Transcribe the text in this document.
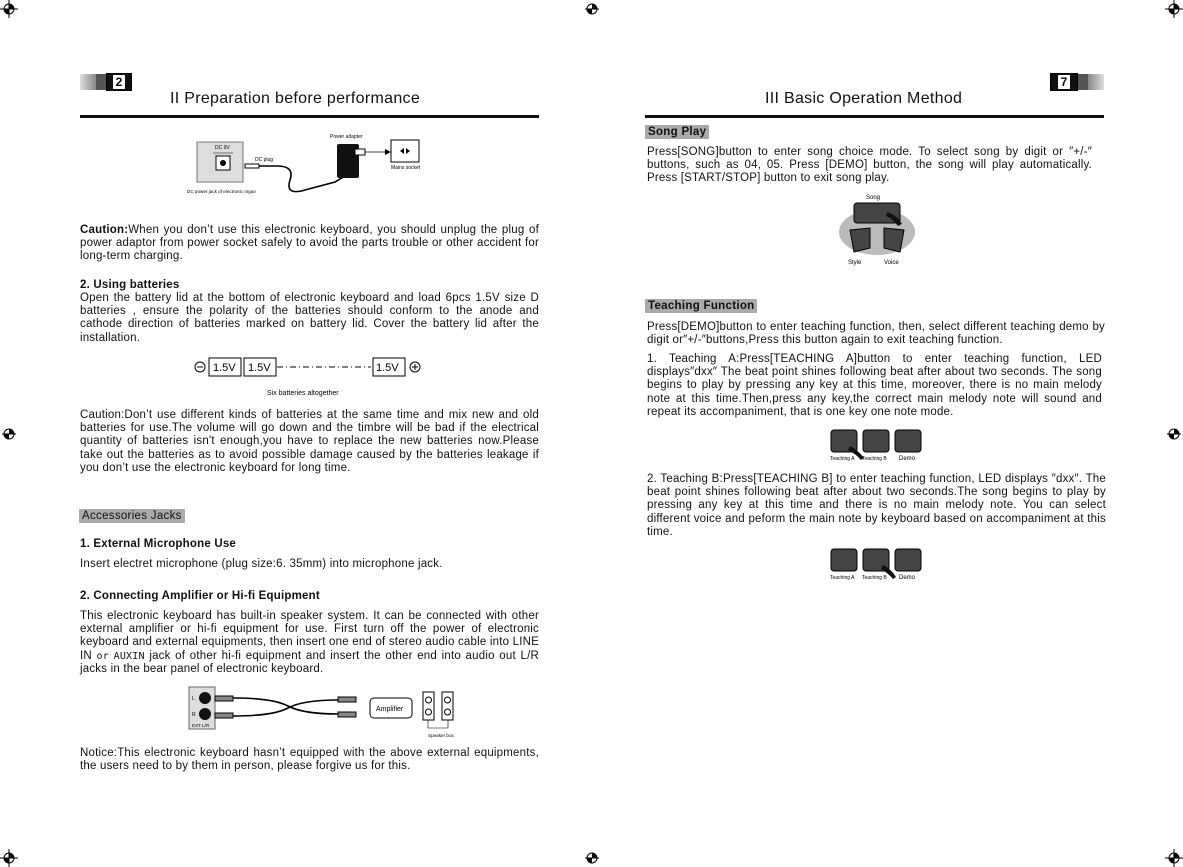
2
II Preparation before performance
DC 9V
DC plug
Power adapter
Mains socket
DC power jack of electronic organ
Caution:When you don’t use this electronic keyboard, you should unplug the plug of power adaptor from power socket safely to avoid the parts trouble or other accident for long-term charging.
2. Using batteries
Open the battery lid at the bottom of electronic keyboard and load 6pcs 1.5V size D batteries , ensure the polarity of the batteries should conform to the anode and cathode direction of batteries marked on battery lid. Cover the battery lid after the installation.
1.5V 1.5V	1.5V
Six batteries altogether
Caution:Don’t use different kinds of batteries at the same time and mix new and old batteries for use.The volume will go down and the timbre will be bad if the electrical quantity of batteries isn't enough,you have to replace the new batteries now.Please take out the batteries as to avoid possible damage caused by the batteries leakage if you don’t use the electronic keyboard for long time.
Accessories Jacks
1. External Microphone Use
Insert electret microphone (plug size:6. 35mm) into microphone jack.
2. Connecting Amplifier or Hi-fi Equipment
This electronic keyboard has built-in speaker system. It can be connected with other external amplifier or hi-fi equipment for use. First turn off the power of electronic keyboard and external equipments, then insert one end of stereo audio cable into LINE IN or AUXIN jack of other hi-fi equipment and insert the other end into audio out L/R jacks in the bear panel of electronic keyboard.
L
R
EXT L/R
Amplifier
Speaker box
Notice:This electronic keyboard hasn’t equipped with the above external equipments, the users need to by them in person, please forgive us for this.
7
III Basic Operation Method
Song Play
Press[SONG]button to enter song choice mode. To select song by digit or ″+/-″ buttons, such as 04, 05. Press [DEMO] button, the song will play automatically. Press [START/STOP] button to exit song play.
Song
Style	Voice
Teaching Function
Press[DEMO]button to enter teaching function, then, select different teaching demo by digit or″+/-″buttons,Press this button again to exit teaching function.
1. Teaching A:Press[TEACHING A]button to enter teaching function, LED displays″dxx″ The beat point shines following beat after about two seconds. The song begins to play by pressing any key at this time, moreover, there is no main melody note at this time.Then,press any key,the correct main melody note will sound and repeat its accompaniment, that is one key one note mode.
Teaching A Teaching B Demo
2. Teaching B:Press[TEACHING B] to enter teaching function, LED displays ″dxx″. The beat point shines following beat after about two seconds.The song begins to play by pressing any key at this time and there is no main melody note. You can select different voice and peform the main note by keyboard based on accompaniment at this time.
Teaching A Teaching B Demo
